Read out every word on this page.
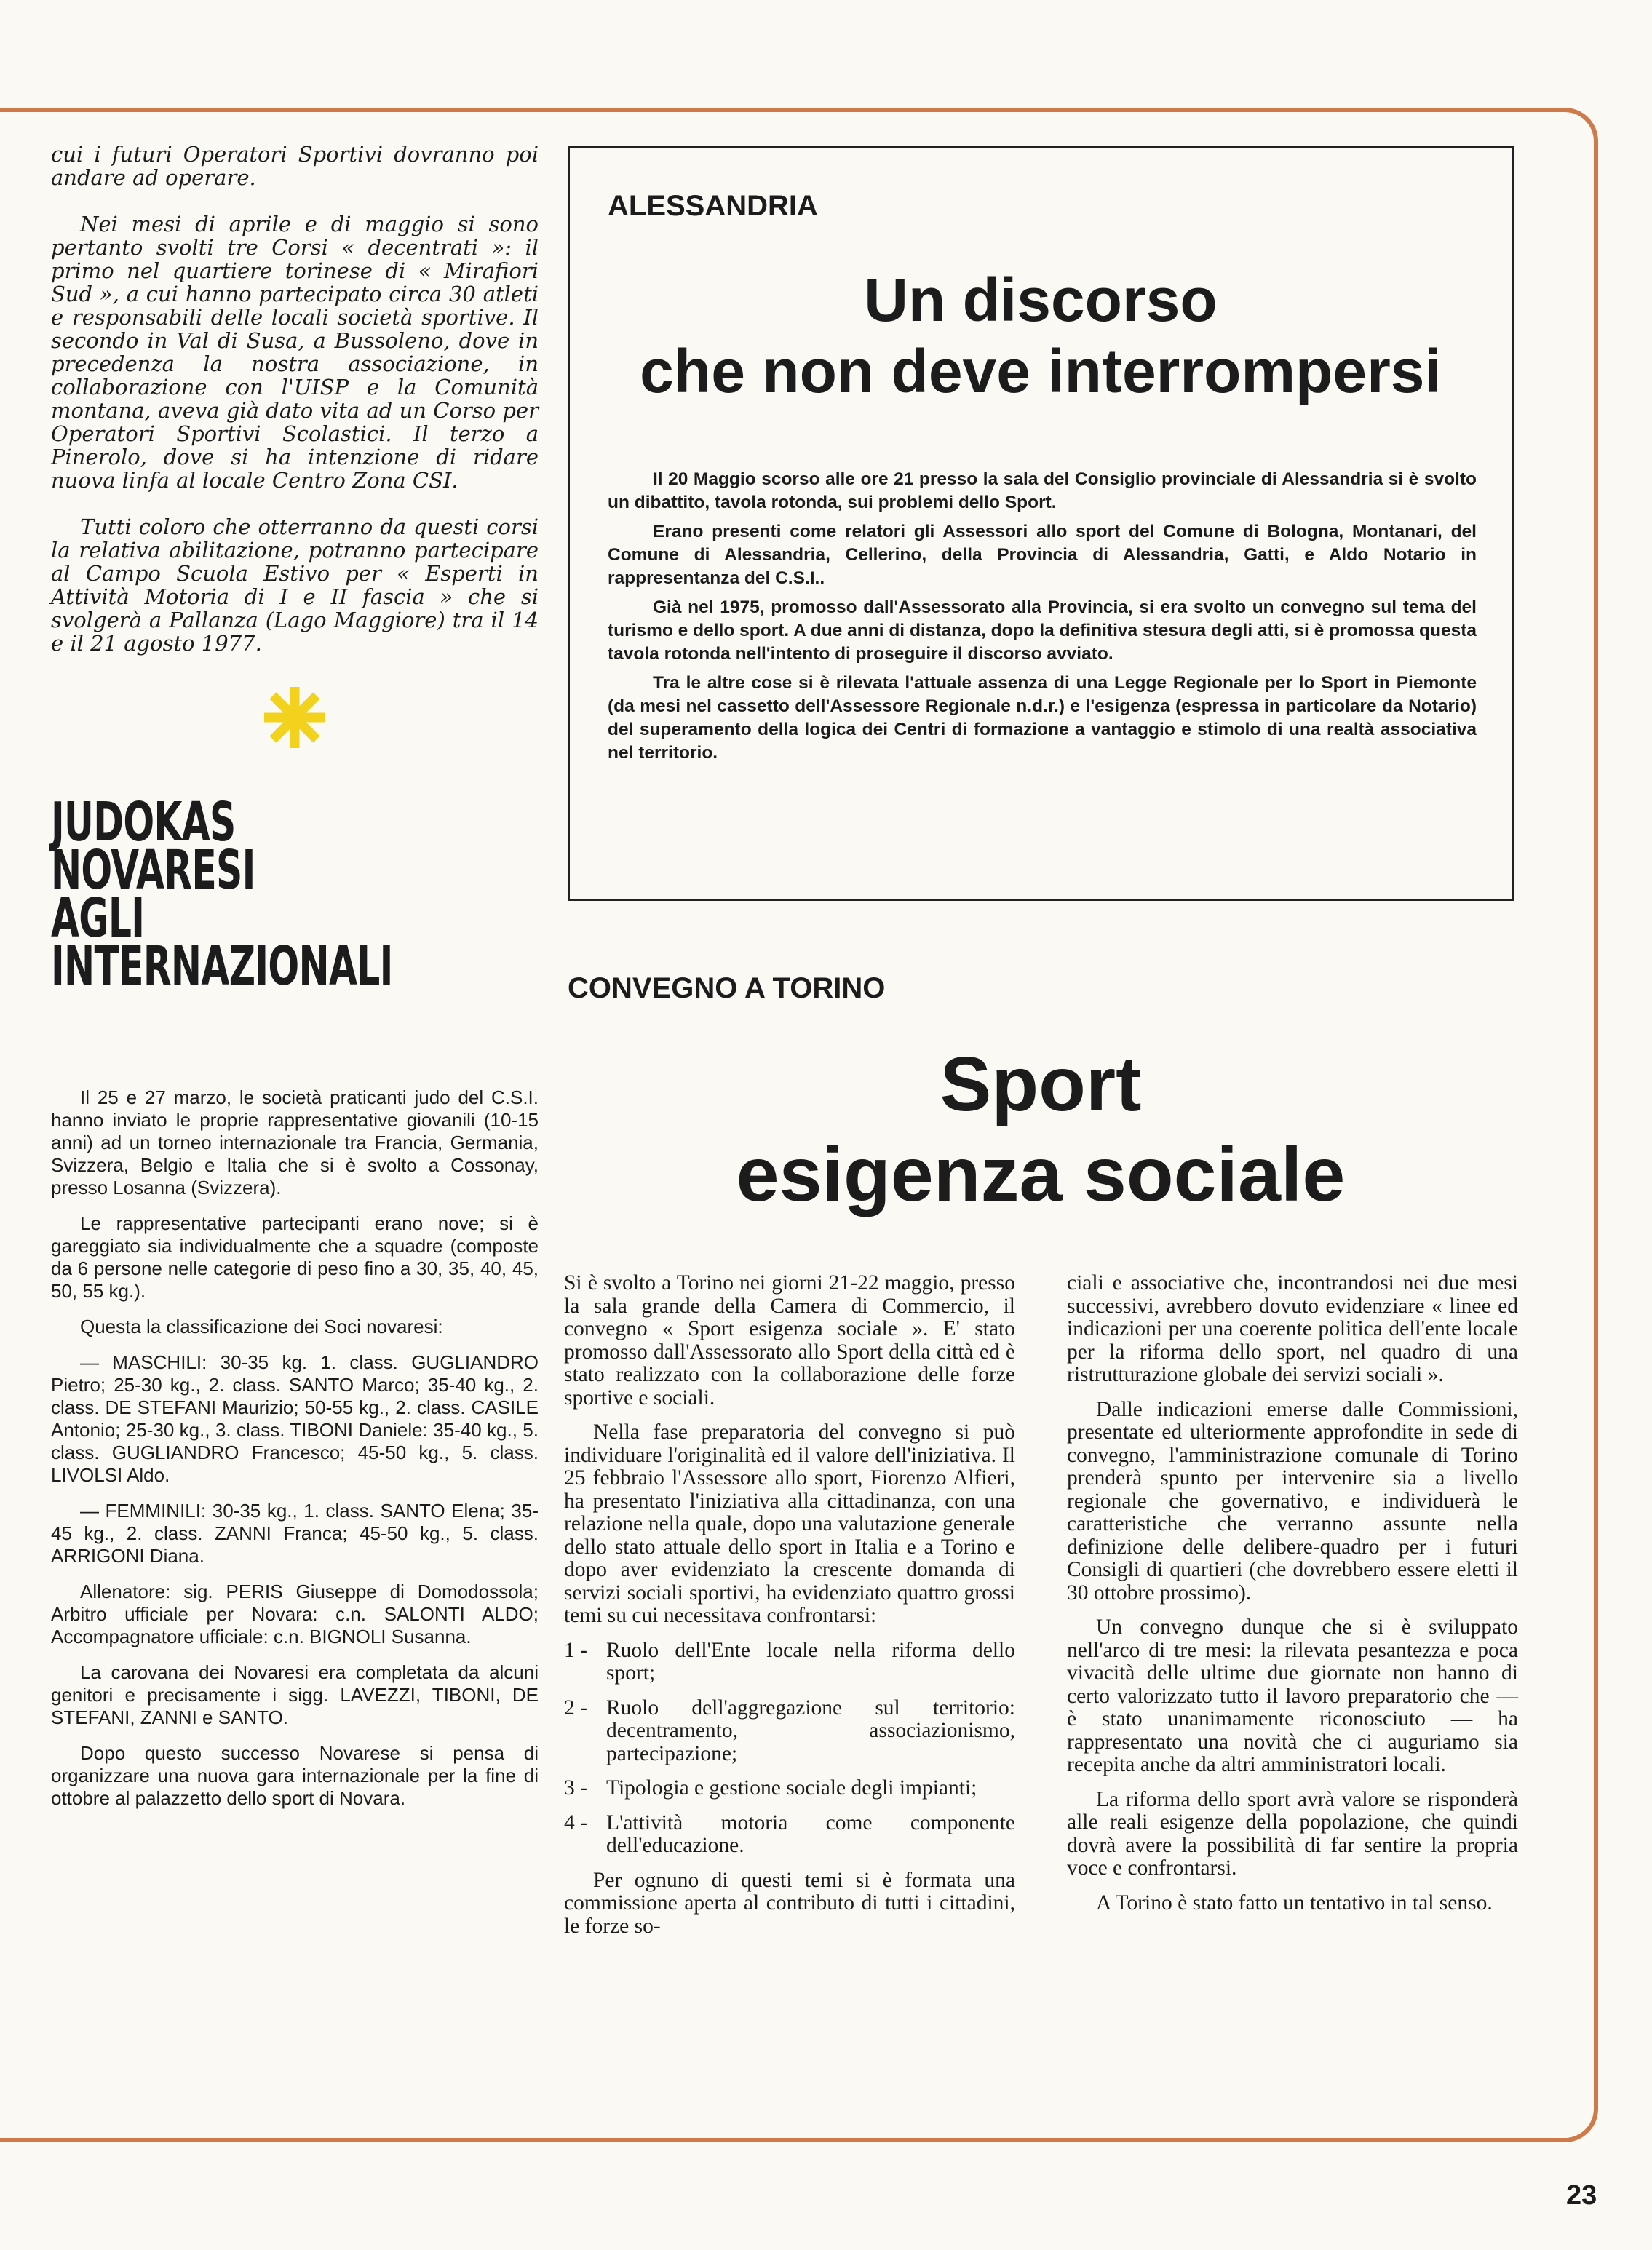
cui i futuri Operatori Sportivi dovranno poi andare ad operare.

Nei mesi di aprile e di maggio si sono pertanto svolti tre Corsi « decentrati »: il primo nel quartiere torinese di « Mirafiori Sud », a cui hanno partecipato circa 30 atleti e responsabili delle locali società sportive. Il secondo in Val di Susa, a Bussoleno, dove in precedenza la nostra associazione, in collaborazione con l'UISP e la Comunità montana, aveva già dato vita ad un Corso per Operatori Sportivi Scolastici. Il terzo a Pinerolo, dove si ha intenzione di ridare nuova linfa al locale Centro Zona CSI.

Tutti coloro che otterranno da questi corsi la relativa abilitazione, potranno partecipare al Campo Scuola Estivo per « Esperti in Attività Motoria di I e II fascia » che si svolgerà a Pallanza (Lago Maggiore) tra il 14 e il 21 agosto 1977.

JUDOKAS
NOVARESI
AGLI
INTERNAZIONALI

Il 25 e 27 marzo, le società praticanti judo del C.S.I. hanno inviato le proprie rappresentative giovanili (10-15 anni) ad un torneo internazionale tra Francia, Germania, Svizzera, Belgio e Italia che si è svolto a Cossonay, presso Losanna (Svizzera).

Le rappresentative partecipanti erano nove; si è gareggiato sia individualmente che a squadre (composte da 6 persone nelle categorie di peso fino a 30, 35, 40, 45, 50, 55 kg.).

Questa la classificazione dei Soci novaresi:

— MASCHILI: 30-35 kg. 1. class. GUGLIANDRO Pietro; 25-30 kg., 2. class. SANTO Marco; 35-40 kg., 2. class. DE STEFANI Maurizio; 50-55 kg., 2. class. CASILE Antonio; 25-30 kg., 3. class. TIBONI Daniele: 35-40 kg., 5. class. GUGLIANDRO Francesco; 45-50 kg., 5. class. LIVOLSI Aldo.

— FEMMINILI: 30-35 kg., 1. class. SANTO Elena; 35-45 kg., 2. class. ZANNI Franca; 45-50 kg., 5. class. ARRIGONI Diana.

Allenatore: sig. PERIS Giuseppe di Domodossola; Arbitro ufficiale per Novara: c.n. SALONTI ALDO; Accompagnatore ufficiale: c.n. BIGNOLI Susanna.

La carovana dei Novaresi era completata da alcuni genitori e precisamente i sigg. LAVEZZI, TIBONI, DE STEFANI, ZANNI e SANTO.

Dopo questo successo Novarese si pensa di organizzare una nuova gara internazionale per la fine di ottobre al palazzetto dello sport di Novara.

ALESSANDRIA
Un discorso
che non deve interrompersi

Il 20 Maggio scorso alle ore 21 presso la sala del Consiglio provinciale di Alessandria si è svolto un dibattito, tavola rotonda, sui problemi dello Sport.

Erano presenti come relatori gli Assessori allo sport del Comune di Bologna, Montanari, del Comune di Alessandria, Cellerino, della Provincia di Alessandria, Gatti, e Aldo Notario in rappresentanza del C.S.I..

Già nel 1975, promosso dall'Assessorato alla Provincia, si era svolto un convegno sul tema del turismo e dello sport. A due anni di distanza, dopo la definitiva stesura degli atti, si è promossa questa tavola rotonda nell'intento di proseguire il discorso avviato.

Tra le altre cose si è rilevata l'attuale assenza di una Legge Regionale per lo Sport in Piemonte (da mesi nel cassetto dell'Assessore Regionale n.d.r.) e l'esigenza (espressa in particolare da Notario) del superamento della logica dei Centri di formazione a vantaggio e stimolo di una realtà associativa nel territorio.

CONVEGNO A TORINO
Sport
esigenza sociale

Si è svolto a Torino nei giorni 21-22 maggio, presso la sala grande della Camera di Commercio, il convegno « Sport esigenza sociale ». E' stato promosso dall'Assessorato allo Sport della città ed è stato realizzato con la collaborazione delle forze sportive e sociali.

Nella fase preparatoria del convegno si può individuare l'originalità ed il valore dell'iniziativa. Il 25 febbraio l'Assessore allo sport, Fiorenzo Alfieri, ha presentato l'iniziativa alla cittadinanza, con una relazione nella quale, dopo una valutazione generale dello stato attuale dello sport in Italia e a Torino e dopo aver evidenziato la crescente domanda di servizi sociali sportivi, ha evidenziato quattro grossi temi su cui necessitava confrontarsi:

1 - Ruolo dell'Ente locale nella riforma dello sport;
2 - Ruolo dell'aggregazione sul territorio: decentramento, associazionismo, partecipazione;
3 - Tipologia e gestione sociale degli impianti;
4 - L'attività motoria come componente dell'educazione.

Per ognuno di questi temi si è formata una commissione aperta al contributo di tutti i cittadini, le forze so-

ciali e associative che, incontrandosi nei due mesi successivi, avrebbero dovuto evidenziare « linee ed indicazioni per una coerente politica dell'ente locale per la riforma dello sport, nel quadro di una ristrutturazione globale dei servizi sociali ».

Dalle indicazioni emerse dalle Commissioni, presentate ed ulteriormente approfondite in sede di convegno, l'amministrazione comunale di Torino prenderà spunto per intervenire sia a livello regionale che governativo, e individuerà le caratteristiche che verranno assunte nella definizione delle delibere-quadro per i futuri Consigli di quartieri (che dovrebbero essere eletti il 30 ottobre prossimo).

Un convegno dunque che si è sviluppato nell'arco di tre mesi: la rilevata pesantezza e poca vivacità delle ultime due giornate non hanno di certo valorizzato tutto il lavoro preparatorio che — è stato unanimamente riconosciuto — ha rappresentato una novità che ci auguriamo sia recepita anche da altri amministratori locali.

La riforma dello sport avrà valore se risponderà alle reali esigenze della popolazione, che quindi dovrà avere la possibilità di far sentire la propria voce e confrontarsi.

A Torino è stato fatto un tentativo in tal senso.

23
